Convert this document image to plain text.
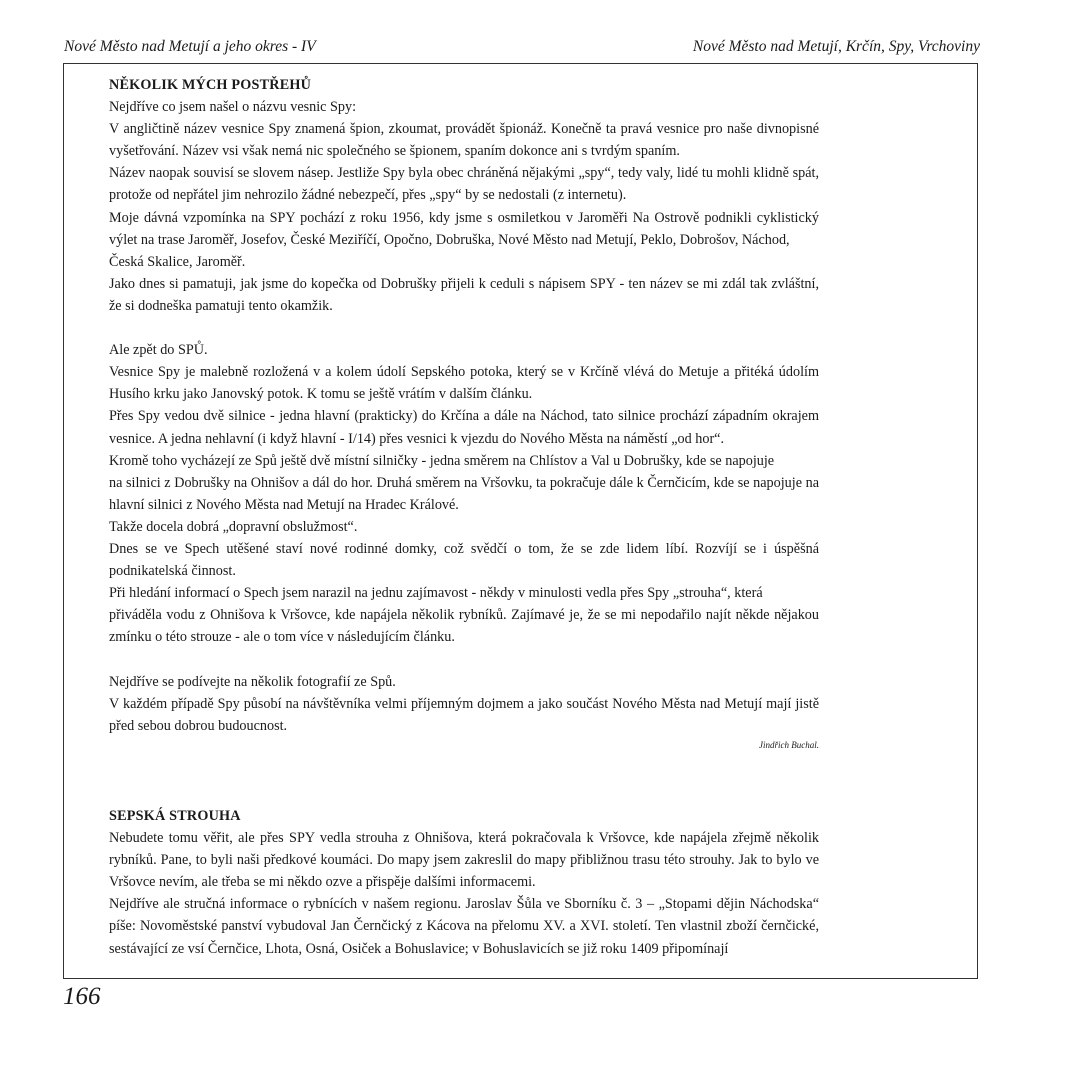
Nové Město nad Metují a jeho okres - IV	Nové Město nad Metují, Krčín, Spy, Vrchoviny

NĚKOLIK MÝCH POSTŘEHŮ

Nejdříve co jsem našel o názvu vesnic Spy:

V angličtině název vesnice Spy znamená špion, zkoumat, provádět špionáž. Konečně ta pravá vesnice pro naše divnopisné vyšetřování. Název vsi však nemá nic společného se špionem, spaním dokonce ani s tvrdým spaním.

Název naopak souvisí se slovem násep. Jestliže Spy byla obec chráněná nějakými „spy“, tedy valy, lidé tu mohli klidně spát, protože od nepřátel jim nehrozilo žádné nebezpečí, přes „spy“ by se nedostali (z internetu).

Moje dávná vzpomínka na SPY pochází z roku 1956, kdy jsme s osmiletkou v Jaroměři Na Ostrově podnikli cyklistický výlet na trase Jaroměř, Josefov, České Meziříčí, Opočno, Dobruška, Nové Město nad Metují, Peklo, Dobrošov, Náchod,

Česká Skalice, Jaroměř.

Jako dnes si pamatuji, jak jsme do kopečka od Dobrušky přijeli k ceduli s nápisem SPY - ten název se mi zdál tak zvláštní, že si dodneška pamatuji tento okamžik.

Ale zpět do SPŮ.

Vesnice Spy je malebně rozložená v a kolem údolí Sepského potoka, který se v Krčíně vlévá do Metuje a přitéká údolím Husího krku jako Janovský potok. K tomu se ještě vrátím v dalším článku.

Přes Spy vedou dvě silnice - jedna hlavní (prakticky) do Krčína a dále na Náchod, tato silnice prochází západním okrajem vesnice. A jedna nehlavní (i když hlavní - I/14) přes vesnici k vjezdu do Nového Města na náměstí „od hor“.

Kromě toho vycházejí ze Spů ještě dvě místní silničky - jedna směrem na Chlístov a Val u Dobrušky, kde se napojuje

na silnici z Dobrušky na Ohnišov a dál do hor. Druhá směrem na Vršovku, ta pokračuje dále k Černčicím, kde se napojuje na hlavní silnici z Nového Města nad Metují na Hradec Králové.

Takže docela dobrá „dopravní obslužmost“.

Dnes se ve Spech utěšené staví nové rodinné domky, což svědčí o tom, že se zde lidem líbí. Rozvíjí se i úspěšná podnikatelská činnost.

Při hledání informací o Spech jsem narazil na jednu zajímavost - někdy v minulosti vedla přes Spy „strouha“, která

přiváděla vodu z Ohnišova k Vršovce, kde napájela několik rybníků. Zajímavé je, že se mi nepodařilo najít někde nějakou zmínku o této strouze - ale o tom více v následujícím článku.

Nejdříve se podívejte na několik fotografií ze Spů.

V každém případě Spy působí na návštěvníka velmi příjemným dojmem a jako součást Nového Města nad Metují mají jistě před sebou dobrou budoucnost.

Jindřich Buchal.

SEPSKÁ STROUHA

Nebudete tomu věřit, ale přes SPY vedla strouha z Ohnišova, která pokračovala k Vršovce, kde napájela zřejmě několik rybníků. Pane, to byli naši předkové koumáci. Do mapy jsem zakreslil do mapy přibližnou trasu této strouhy. Jak to bylo ve Vršovce nevím, ale třeba se mi někdo ozve a přispěje dalšími informacemi.

Nejdříve ale stručná informace o rybnících v našem regionu. Jaroslav Šůla ve Sborníku č. 3 – „Stopami dějin Náchodska“ píše: Novoměstské panství vybudoval Jan Černčický z Kácova na přelomu XV. a XVI. století. Ten vlastnil zboží černčické, sestávající ze vsí Černčice, Lhota, Osná, Osiček a Bohuslavice; v Bohuslavicích se již roku 1409 připomínají

166
